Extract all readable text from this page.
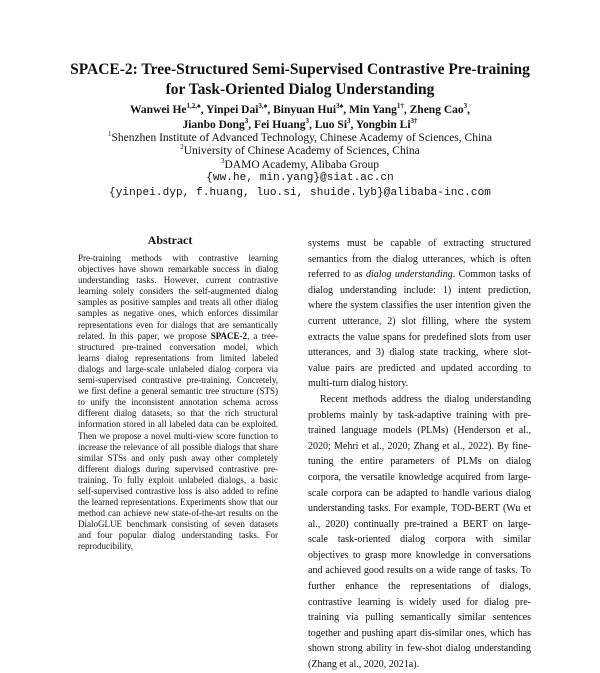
SPACE-2: Tree-Structured Semi-Supervised Contrastive Pre-training
for Task-Oriented Dialog Understanding
Wanwei $He^{1,2,♠}$, Yinpei Dai$^{3,♠}$, Binyuan Hui$^{3♠}$, Min Yang$^{1\dagger}$, Zheng Cao$^3$,
Jianbo Dong$^3$, Fei Huang$^3$, Luo Si$^3$, Yongbin $Li^{3\dagger}$
$^1$Shenzhen Institute of Advanced Technology, Chinese Academy of Sciences, China
$^2$University of Chinese Academy of Sciences, China
$^3$DAMO Academy, Alibaba Group
{ww.he, min.yang}@siat.ac.cn
{yinpei.dyp, f.huang, luo.si, shuide.lyb}@alibaba-inc.com
Abstract

Pre-training methods with contrastive learning objectives have shown remarkable success in dialog understanding tasks. However, current contrastive learning solely considers the self-augmented dialog samples as positive samples and treats all other dialog samples as negative ones, which enforces dissimilar representations even for dialogs that are semantically related. In this paper, we propose SPACE-2, a tree-structured pre-trained conversation model, which learns dialog representations from limited labeled dialogs and large-scale unlabeled dialog corpora via semi-supervised contrastive pre-training. Concretely, we first define a general semantic tree structure (STS) to unify the inconsistent annotation schema across different dialog datasets, so that the rich structural information stored in all labeled data can be exploited. Then we propose a novel multi-view score function to increase the relevance of all possible dialogs that share similar STSs and only push away other completely different dialogs during supervised contrastive pre-training. To fully exploit unlabeled dialogs, a basic self-supervised contrastive loss is also added to refine the learned representations. Experiments show that our method can achieve new state-of-the-art results on the DialoGLUE benchmark consisting of seven datasets and four popular dialog understanding tasks. For reproducibility,

systems must be capable of extracting structured semantics from the dialog utterances, which is often referred to as dialog understanding. Common tasks of dialog understanding include: 1) intent prediction, where the system classifies the user intention given the current utterance, 2) slot filling, where the system extracts the value spans for predefined slots from user utterances, and 3) dialog state tracking, where slot-value pairs are predicted and updated according to multi-turn dialog history.

Recent methods address the dialog understanding problems mainly by task-adaptive training with pre-trained language models (PLMs) (Henderson et al., 2020; Mehri et al., 2020; Zhang et al., 2022). By fine-tuning the entire parameters of PLMs on dialog corpora, the versatile knowledge acquired from large-scale corpora can be adapted to handle various dialog understanding tasks. For example, TOD-BERT (Wu et al., 2020) continually pre-trained a BERT on large-scale task-oriented dialog corpora with similar objectives to grasp more knowledge in conversations and achieved good results on a wide range of tasks. To further enhance the representations of dialogs, contrastive learning is widely used for dialog pre-training via pulling semantically similar sentences together and pushing apart dis-similar ones, which has shown strong ability in few-shot dialog understanding (Zhang et al., 2020, 2021a).
